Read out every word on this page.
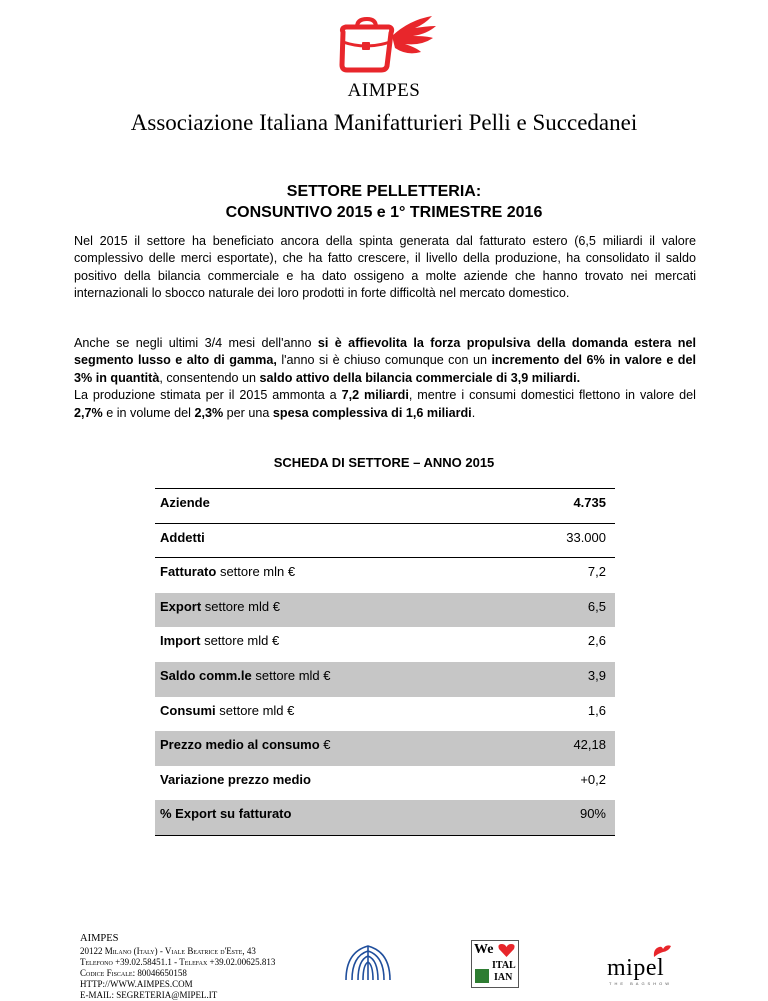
AIMPES
Associazione Italiana Manifatturieri Pelli e Succedanei
SETTORE PELLETTERIA:
CONSUNTIVO 2015 e 1° TRIMESTRE 2016
Nel 2015 il settore ha beneficiato ancora della spinta generata dal fatturato estero (6,5 miliardi il valore complessivo delle merci esportate), che ha fatto crescere, il livello della produzione, ha consolidato il saldo positivo della bilancia commerciale e ha dato ossigeno a molte aziende che hanno trovato nei mercati internazionali lo sbocco naturale dei loro prodotti in forte difficoltà nel mercato domestico.
Anche se negli ultimi 3/4 mesi dell'anno si è affievolita la forza propulsiva della domanda estera nel segmento lusso e alto di gamma, l'anno si è chiuso comunque con un incremento del 6% in valore e del 3% in quantità, consentendo un saldo attivo della bilancia commerciale di 3,9 miliardi.
La produzione stimata per il 2015 ammonta a 7,2 miliardi, mentre i consumi domestici flettono in valore del 2,7% e in volume del 2,3% per una spesa complessiva di 1,6 miliardi.
SCHEDA DI SETTORE – ANNO 2015
Aziende	4.735
Addetti	33.000
Fatturato settore mln €	7,2
Export settore mld €	6,5
Import settore mld €	2,6
Saldo comm.le settore mld €	3,9
Consumi settore mld €	1,6
Prezzo medio al consumo €	42,18
Variazione prezzo medio	+0,2
% Export su fatturato	90%
AIMPES
20122 Milano (Italy) - Viale Beatrice d'Este, 43
Telefono +39.02.58451.1 - Telefax +39.02.00625.813
Codice Fiscale: 80046650158
HTTP://WWW.AIMPES.COM
E-MAIL: SEGRETERIA@MIPEL.IT
We
ITAL
IAN	mipel
THE BAGSHOW
